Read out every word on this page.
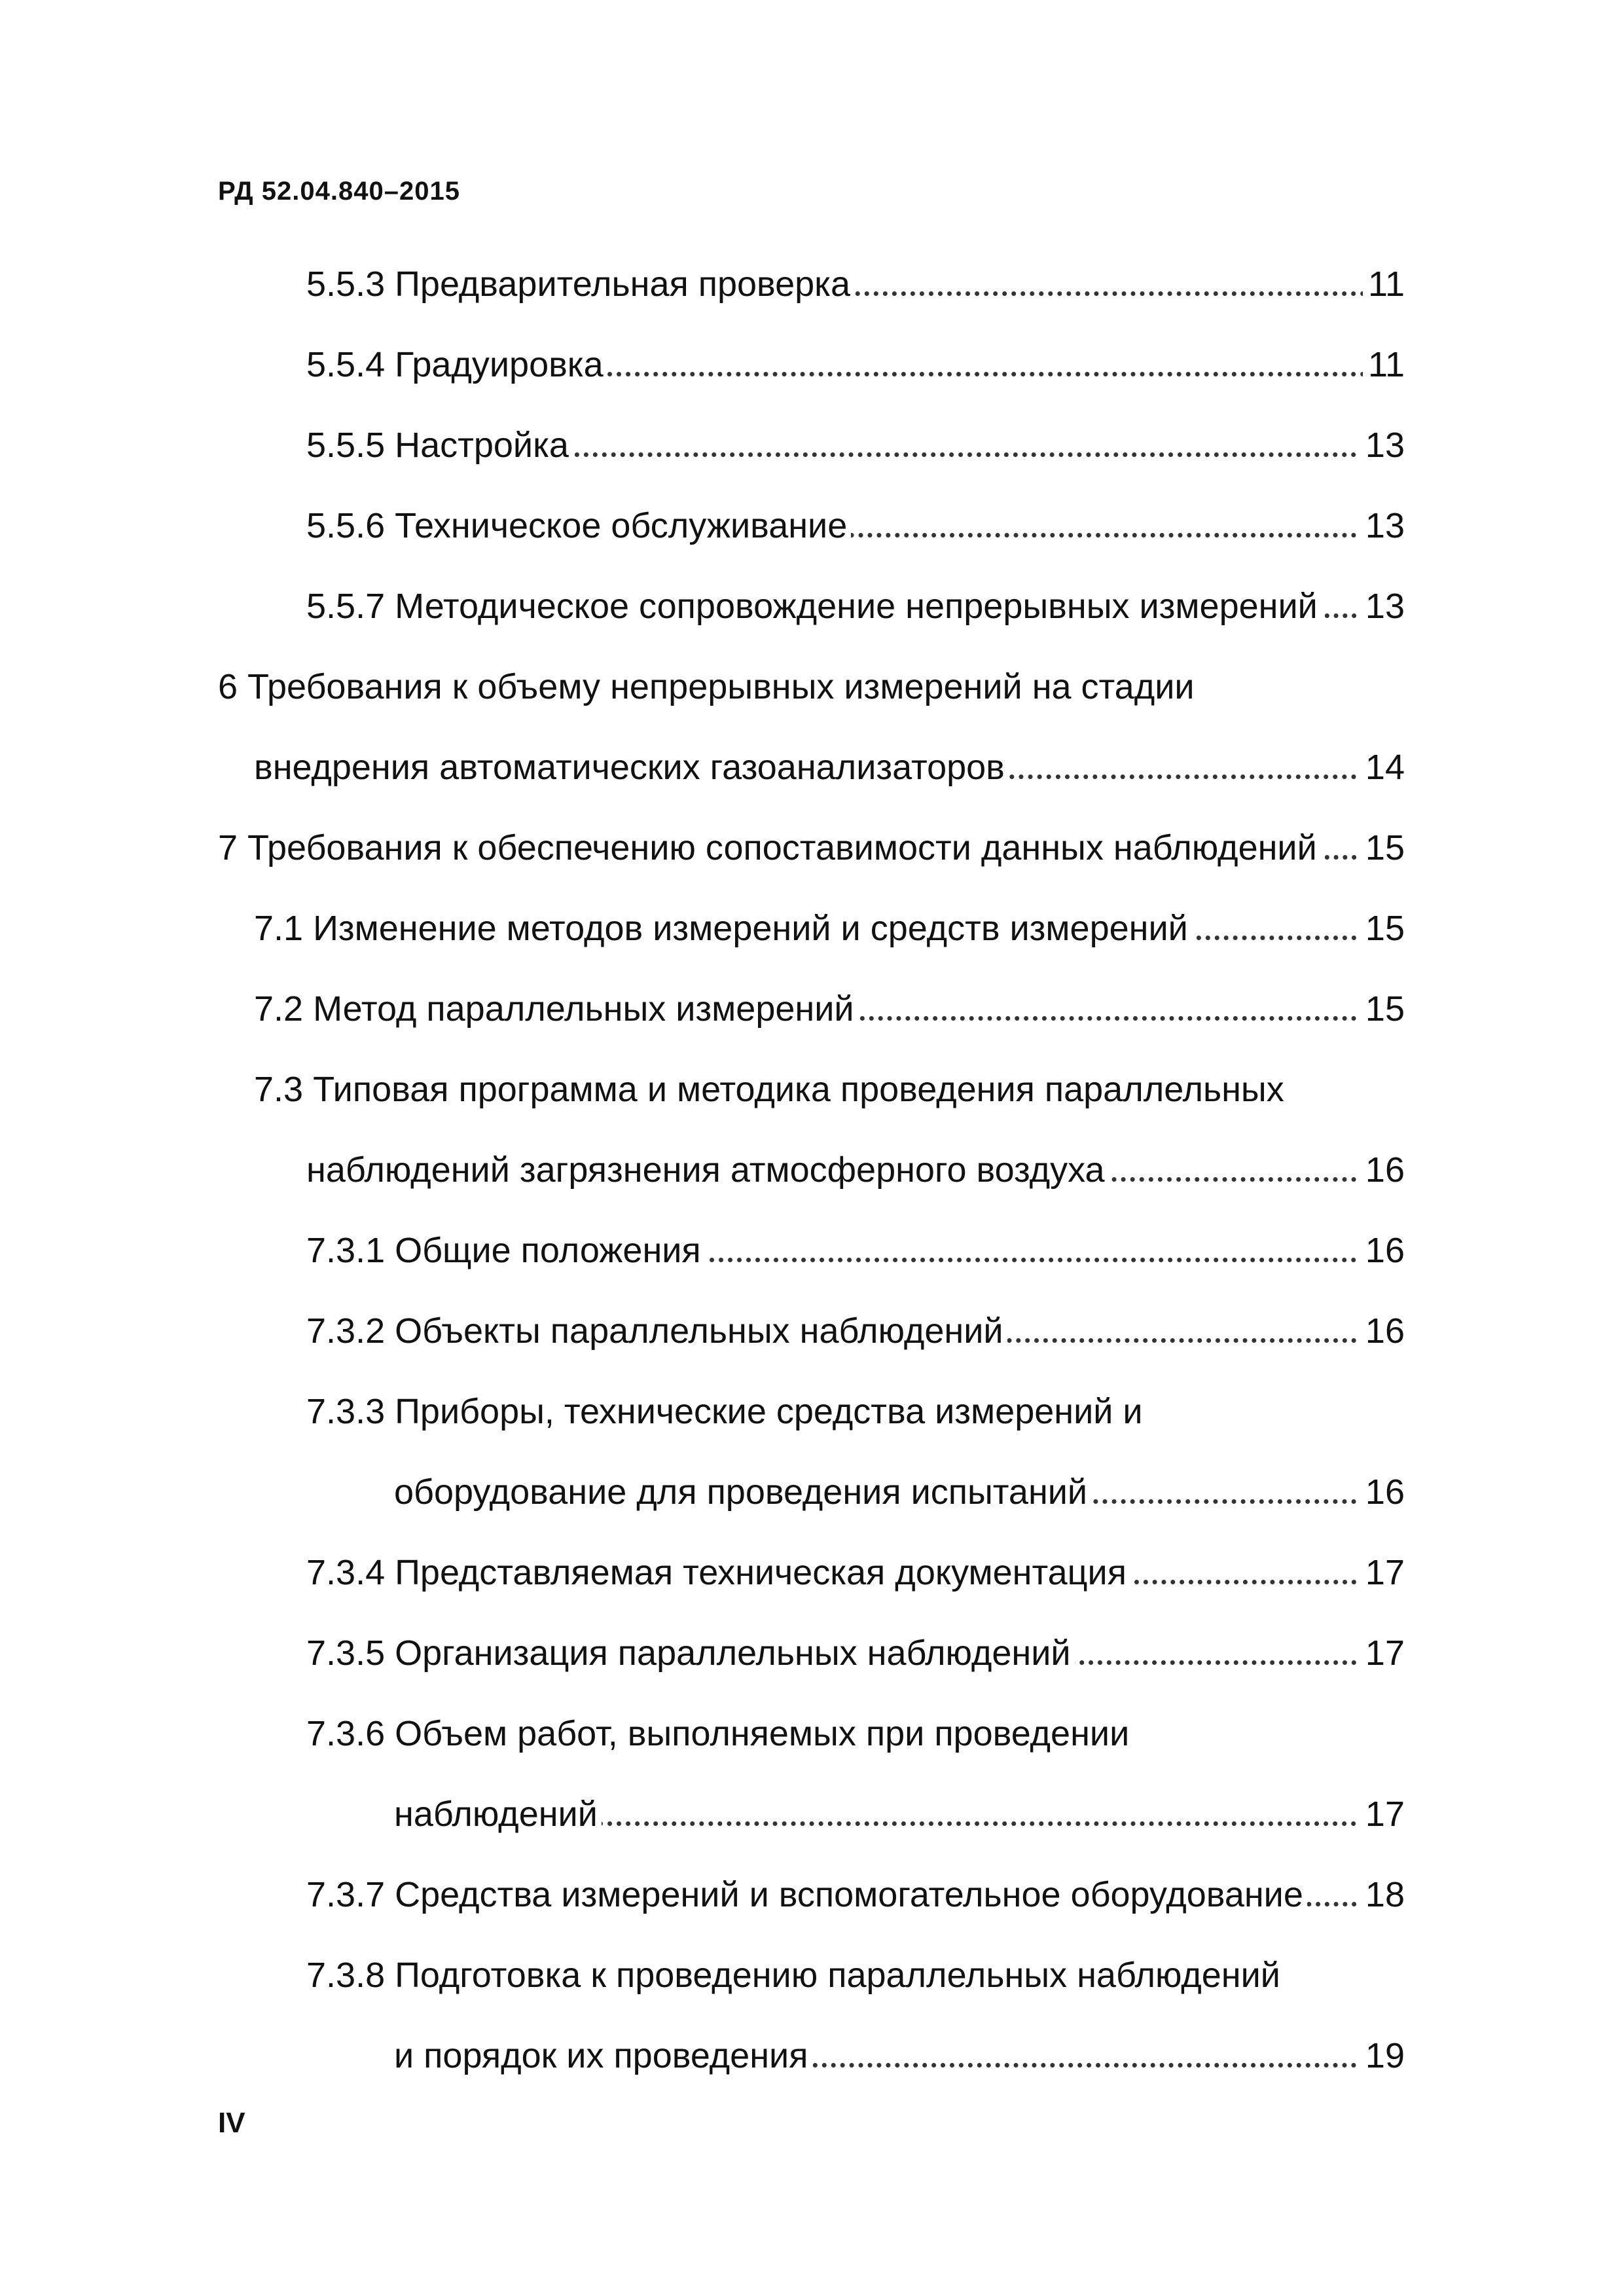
РД 52.04.840–2015
5.5.3 Предварительная проверка	11
5.5.4 Градуировка	11
5.5.5 Настройка	13
5.5.6 Техническое обслуживание	13
5.5.7 Методическое сопровождение непрерывных измерений 13
6 Требования к объему непрерывных измерений на стадии
внедрения автоматических газоанализаторов	14
7 Требования к обеспечению сопоставимости данных наблюдений 15
7.1 Изменение методов измерений и средств измерений	15
7.2 Метод параллельных измерений	15
7.3 Типовая программа и методика проведения параллельных
наблюдений загрязнения атмосферного воздуха	16
7.3.1 Общие положения	16
7.3.2 Объекты параллельных наблюдений	16
7.3.3 Приборы, технические средства измерений и
оборудование для проведения испытаний	16
7.3.4 Представляемая техническая документация	17
7.3.5 Организация параллельных наблюдений	17
7.3.6 Объем работ, выполняемых при проведении
наблюдений	17
7.3.7 Средства измерений и вспомогательное оборудование 18
7.3.8 Подготовка к проведению параллельных наблюдений
и порядок их проведения	19
IV
